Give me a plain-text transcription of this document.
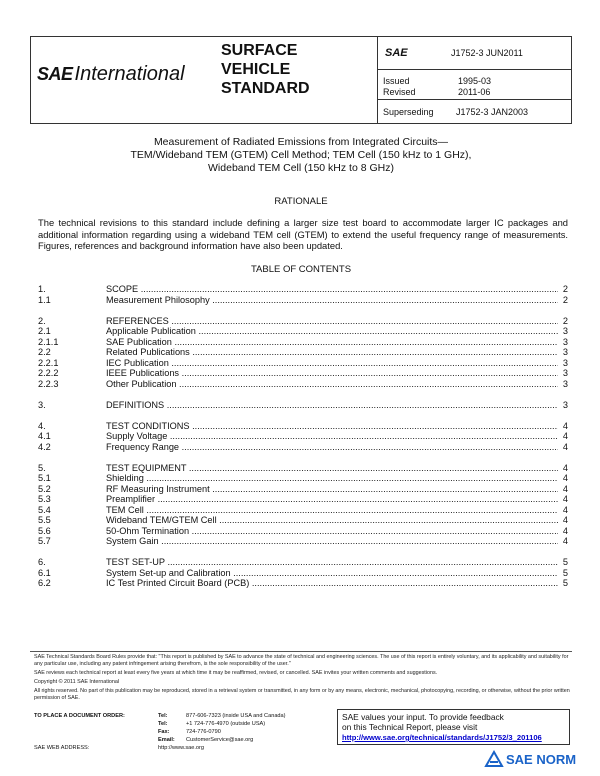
SAE International
SURFACE
VEHICLE
STANDARD
SAE	J1752-3 JUN2011
Issued	1995-03
Revised	2011-06
Superseding J1752-3 JAN2003
Measurement of Radiated Emissions from Integrated Circuits—
TEM/Wideband TEM (GTEM) Cell Method; TEM Cell (150 kHz to 1 GHz),
Wideband TEM Cell (150 kHz to 8 GHz)
RATIONALE
The technical revisions to this standard include defining a larger size test board to accommodate larger IC packages and additional information regarding using a wideband TEM cell (GTEM) to extend the useful frequency range of measurements. Figures, references and background information have also been updated.
TABLE OF CONTENTS
1.	SCOPE .....	2
1.1	Measurement Philosophy .....	2
2.	REFERENCES .....	2
2.1	Applicable Publication .....	3
2.1.1	SAE Publication .....	3
2.2	Related Publications .....	3
2.2.1	IEC Publication .....	3
2.2.2	IEEE Publications .....	3
2.2.3	Other Publication .....	3
3.	DEFINITIONS .....	3
4.	TEST CONDITIONS .....	4
4.1	Supply Voltage .....	4
4.2	Frequency Range .....	4
5.	TEST EQUIPMENT .....	4
5.1	Shielding .....	4
5.2	RF Measuring Instrument .....	4
5.3	Preamplifier .....	4
5.4	TEM Cell .....	4
5.5	Wideband TEM/GTEM Cell .....	4
5.6	50-Ohm Termination .....	4
5.7	System Gain .....	4
6.	TEST SET-UP .....	5
6.1	System Set-up and Calibration .....	5
6.2	IC Test Printed Circuit Board (PCB) .....	5
SAE Technical Standards Board Rules provide that: "This report is published by SAE to advance the state of technical and engineering sciences. The use of this report is entirely voluntary, and its applicability and suitability for any particular use, including any patent infringement arising therefrom, is the sole responsibility of the user."
SAE reviews each technical report at least every five years at which time it may be reaffirmed, revised, or cancelled. SAE invites your written comments and suggestions.
Copyright © 2011 SAE International
All rights reserved. No part of this publication may be reproduced, stored in a retrieval system or transmitted, in any form or by any means, electronic, mechanical, photocopying, recording, or otherwise, without the prior written permission of SAE.
TO PLACE A DOCUMENT ORDER:	Tel:	877-606-7323 (inside USA and Canada)
Tel:	+1 724-776-4970 (outside USA)
Fax:	724-776-0790
Email: CustomerService@sae.org
SAE WEB ADDRESS:	http://www.sae.org
SAE values your input. To provide feedback
on this Technical Report, please visit
http://www.sae.org/technical/standards/J1752/3_201106
SAE NORM
